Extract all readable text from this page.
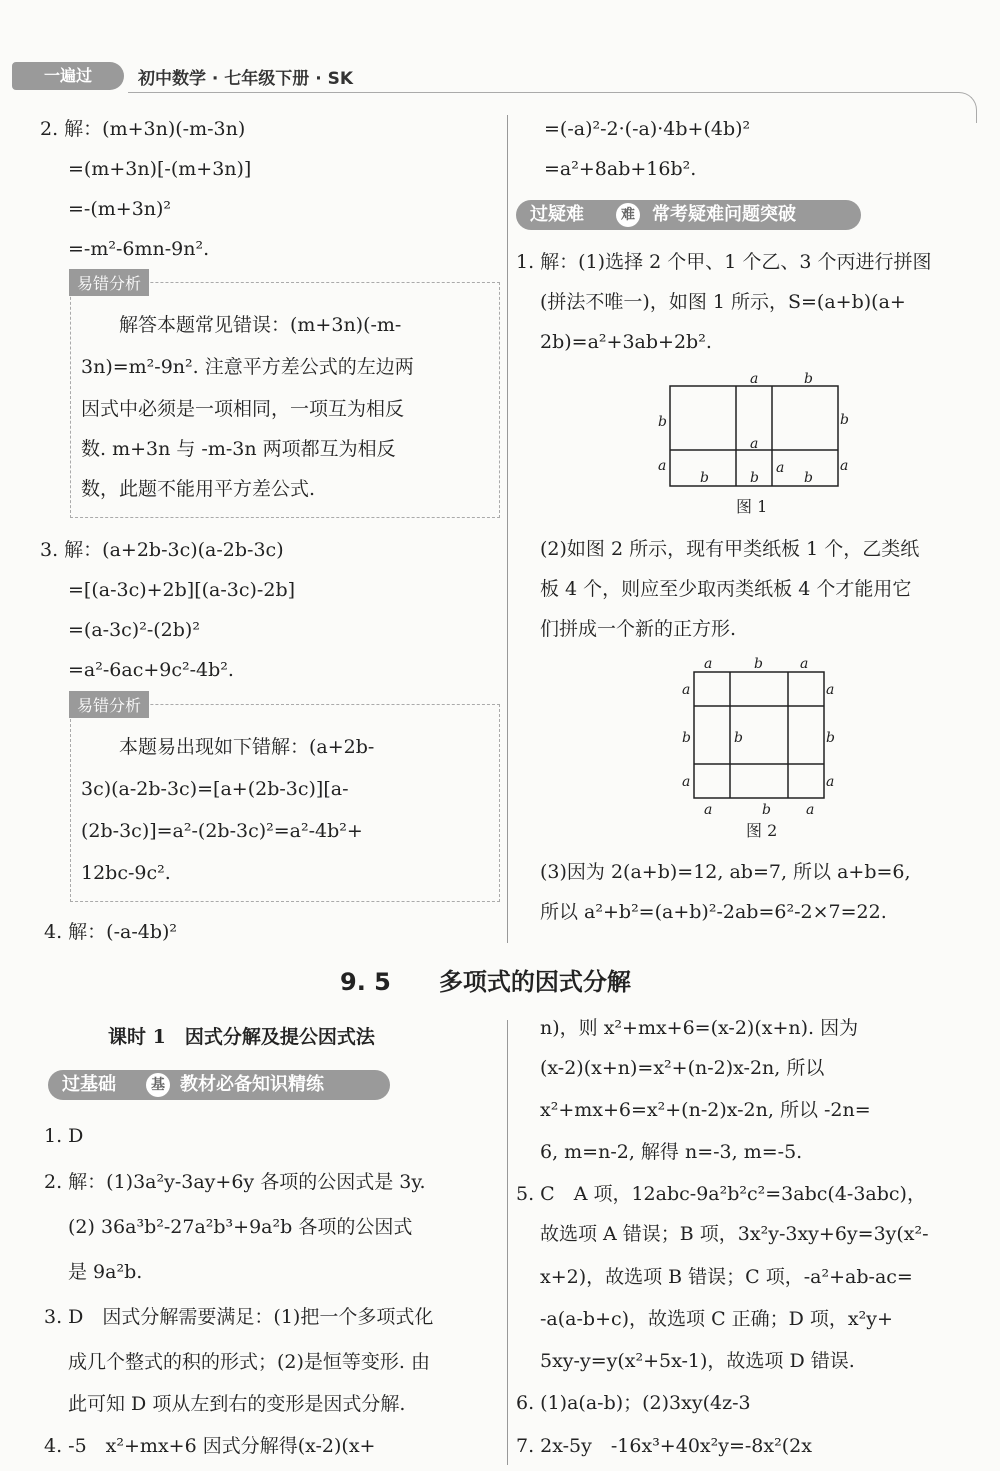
一遍过	初中数学 · 七年级下册 · SK
2. 解：(m+3n)(-m-3n)
=(m+3n)[-(m+3n)]
=-(m+3n)²
=-m²-6mn-9n².
易错分析
　　解答本题常见错误：(m+3n)(-m-
3n)=m²-9n². 注意平方差公式的左边两
因式中必须是一项相同，一项互为相反
数. m+3n 与 -m-3n 两项都互为相反
数，此题不能用平方差公式.
3. 解：(a+2b-3c)(a-2b-3c)
=[(a-3c)+2b][(a-3c)-2b]
=(a-3c)²-(2b)²
=a²-6ac+9c²-4b².
易错分析
　　本题易出现如下错解：(a+2b-
3c)(a-2b-3c)=[a+(2b-3c)][a-
(2b-3c)]=a²-(2b-3c)²=a²-4b²+
12bc-9c².
4. 解：(-a-4b)²
=(-a)²-2·(-a)·4b+(4b)²
=a²+8ab+16b².
过疑难	难 常考疑难问题突破
1. 解：(1)选择 2 个甲、1 个乙、3 个丙进行拼图
(拼法不唯一)，如图 1 所示，S=(a+b)(a+
2b)=a²+3ab+2b².
a	b
b
a
b
a
a
b	b
a
b
图 1
(2)如图 2 所示，现有甲类纸板 1 个，乙类纸
板 4 个，则应至少取丙类纸板 4 个才能用它
们拼成一个新的正方形.
a	b	a
a
b
a
b
a
b
a
a	b	a
图 2
(3)因为 2(a+b)=12, ab=7, 所以 a+b=6,
所以 a²+b²=(a+b)²-2ab=6²-2×7=22.
9. 5　　多项式的因式分解
课时 1　因式分解及提公因式法
过基础	基 教材必备知识精练
1. D
2. 解：(1)3a²y-3ay+6y 各项的公因式是 3y.
(2) 36a³b²-27a²b³+9a²b 各项的公因式
是 9a²b.
3. D　因式分解需要满足：(1)把一个多项式化
成几个整式的积的形式；(2)是恒等变形. 由
此可知 D 项从左到右的变形是因式分解.
4. -5　x²+mx+6 因式分解得(x-2)(x+
n)，则 x²+mx+6=(x-2)(x+n). 因为
(x-2)(x+n)=x²+(n-2)x-2n, 所以
x²+mx+6=x²+(n-2)x-2n, 所以 -2n=
6, m=n-2, 解得 n=-3, m=-5.
5. C　A 项，12abc-9a²b²c²=3abc(4-3abc)，
故选项 A 错误；B 项，3x²y-3xy+6y=3y(x²-
x+2)，故选项 B 错误；C 项，-a²+ab-ac=
-a(a-b+c)，故选项 C 正确；D 项，x²y+
5xy-y=y(x²+5x-1)，故选项 D 错误.
6. (1)a(a-b)；(2)3xy(4z-3
7. 2x-5y　-16x³+40x²y=-8x²(2x
